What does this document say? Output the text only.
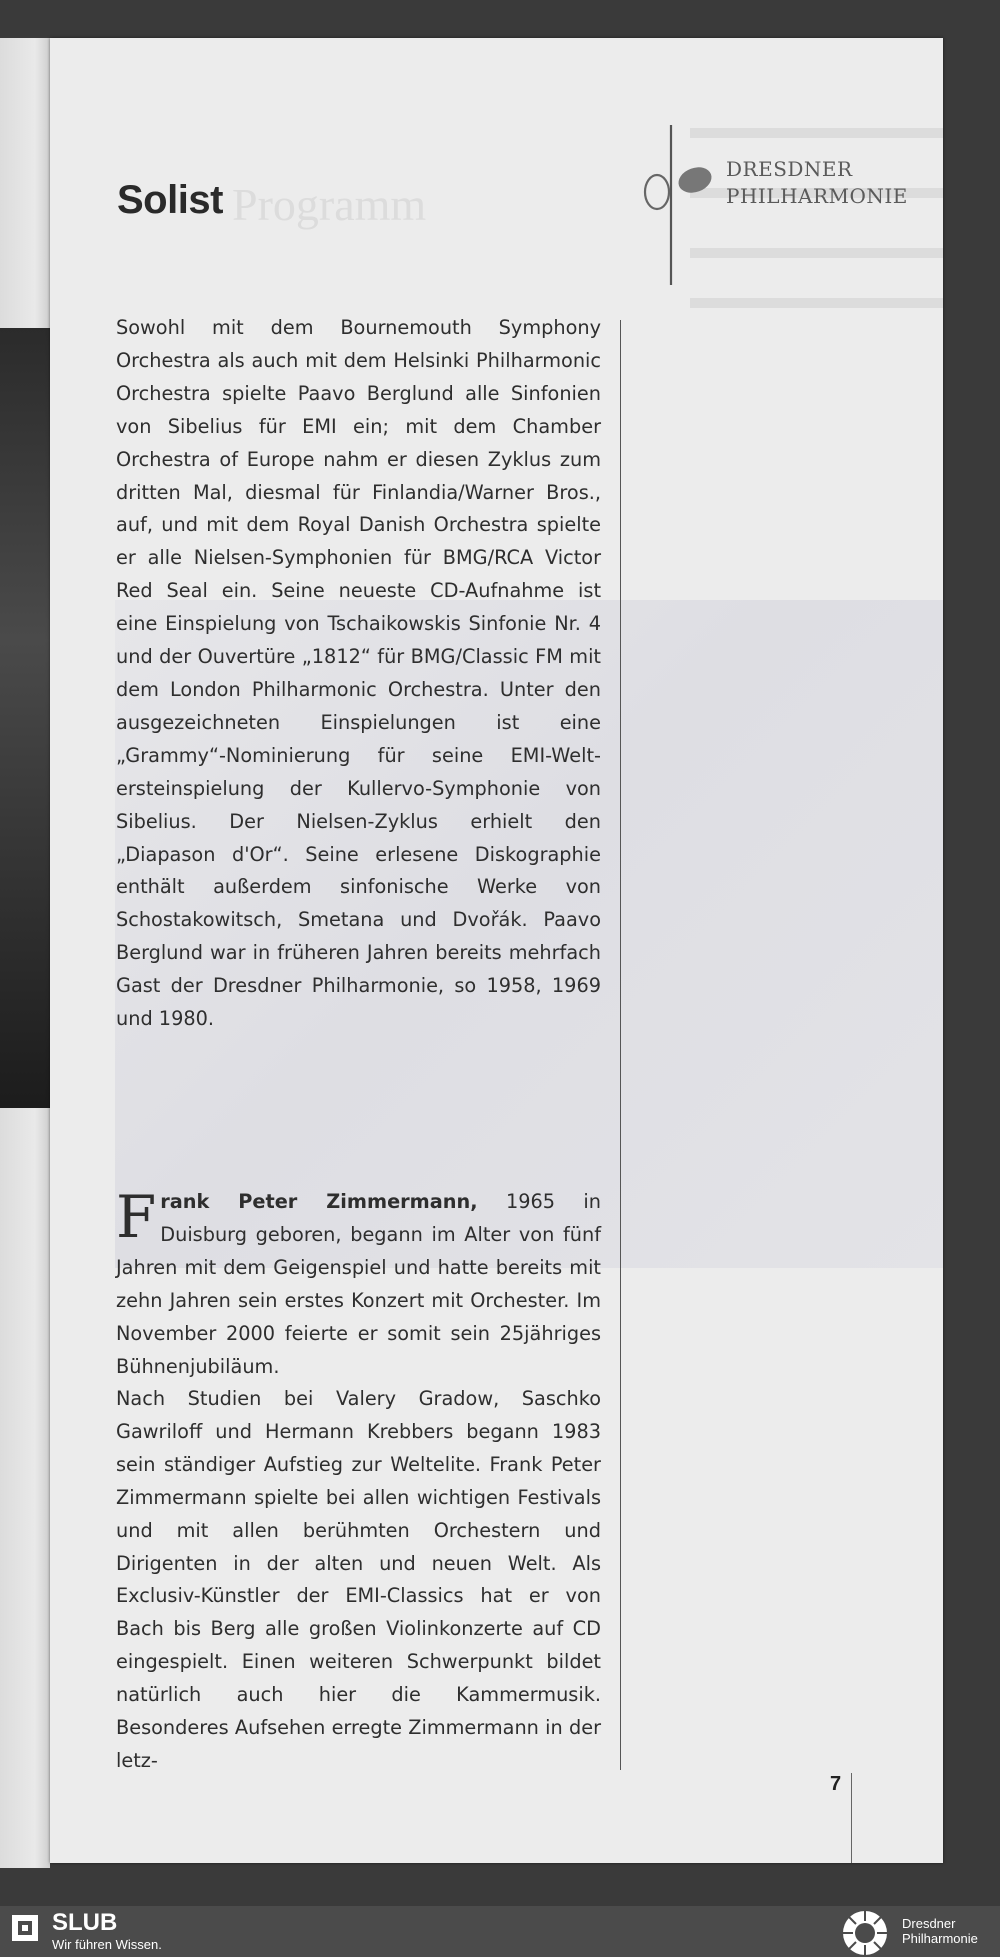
Programm
Solist
DRESDNER
PHILHARMONIE

Sowohl mit dem Bournemouth Symphony Orchestra als auch mit dem Helsinki Philharmonic Orchestra spielte Paavo Berglund alle Sinfonien von Sibelius für EMI ein; mit dem Chamber Orchestra of Europe nahm er diesen Zyklus zum dritten Mal, diesmal für Finlandia/Warner Bros., auf, und mit dem Royal Danish Orchestra spielte er alle Nielsen-Symphonien für BMG/RCA Victor Red Seal ein. Seine neueste CD-Aufnahme ist eine Einspielung von Tschaikowskis Sinfonie Nr. 4 und der Ouvertüre „1812“ für BMG/Classic FM mit dem London Philharmonic Orchestra. Unter den ausgezeichneten Einspielungen ist eine „Grammy“-Nominierung für seine EMI-Weltersteinspielung der Kullervo-Symphonie von Sibelius. Der Nielsen-Zyklus erhielt den „Diapason d'Or“. Seine erlesene Diskographie enthält außerdem sinfonische Werke von Schostakowitsch, Smetana und Dvořák. Paavo Berglund war in früheren Jahren bereits mehrfach Gast der Dresdner Philharmonie, so 1958, 1969 und 1980.

Frank Peter Zimmermann, 1965 in Duisburg geboren, begann im Alter von fünf Jahren mit dem Geigenspiel und hatte bereits mit zehn Jahren sein erstes Konzert mit Orchester. Im November 2000 feierte er somit sein 25jähriges Bühnenjubiläum.

Nach Studien bei Valery Gradow, Saschko Gawriloff und Hermann Krebbers begann 1983 sein ständiger Aufstieg zur Weltelite. Frank Peter Zimmermann spielte bei allen wichtigen Festivals und mit allen berühmten Orchestern und Dirigenten in der alten und neuen Welt. Als Exclusiv-Künstler der EMI-Classics hat er von Bach bis Berg alle großen Violinkonzerte auf CD eingespielt. Einen weiteren Schwerpunkt bildet natürlich auch hier die Kammermusik. Besonderes Aufsehen erregte Zimmermann in der letz-

7
SLUB
Wir führen Wissen.
Dresdner
Philharmonie
